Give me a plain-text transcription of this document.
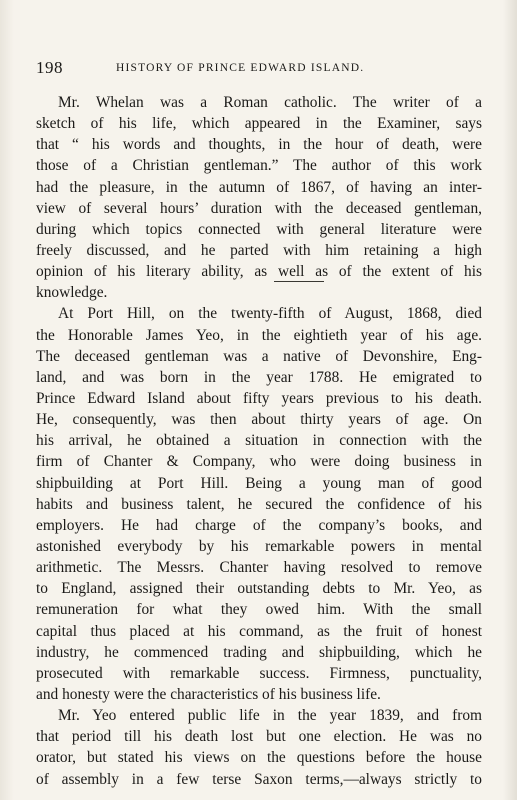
198	HISTORY OF PRINCE EDWARD ISLAND.
Mr. Whelan was a Roman catholic. The writer of a
sketch of his life, which appeared in the Examiner, says
that “ his words and thoughts, in the hour of death, were
those of a Christian gentleman.” The author of this work
had the pleasure, in the autumn of 1867, of having an inter-
view of several hours’ duration with the deceased gentleman,
during which topics connected with general literature were
freely discussed, and he parted with him retaining a high
opinion of his literary ability, as well as of the extent of his
knowledge.
At Port Hill, on the twenty-fifth of August, 1868, died
the Honorable James Yeo, in the eightieth year of his age.
The deceased gentleman was a native of Devonshire, Eng-
land, and was born in the year 1788. He emigrated to
Prince Edward Island about fifty years previous to his death.
He, consequently, was then about thirty years of age. On
his arrival, he obtained a situation in connection with the
firm of Chanter & Company, who were doing business in
shipbuilding at Port Hill. Being a young man of good
habits and business talent, he secured the confidence of his
employers. He had charge of the company’s books, and
astonished everybody by his remarkable powers in mental
arithmetic. The Messrs. Chanter having resolved to remove
to England, assigned their outstanding debts to Mr. Yeo, as
remuneration for what they owed him. With the small
capital thus placed at his command, as the fruit of honest
industry, he commenced trading and shipbuilding, which he
prosecuted with remarkable success. Firmness, punctuality,
and honesty were the characteristics of his business life.
Mr. Yeo entered public life in the year 1839, and from
that period till his death lost but one election. He was no
orator, but stated his views on the questions before the house
of assembly in a few terse Saxon terms,—always strictly to
